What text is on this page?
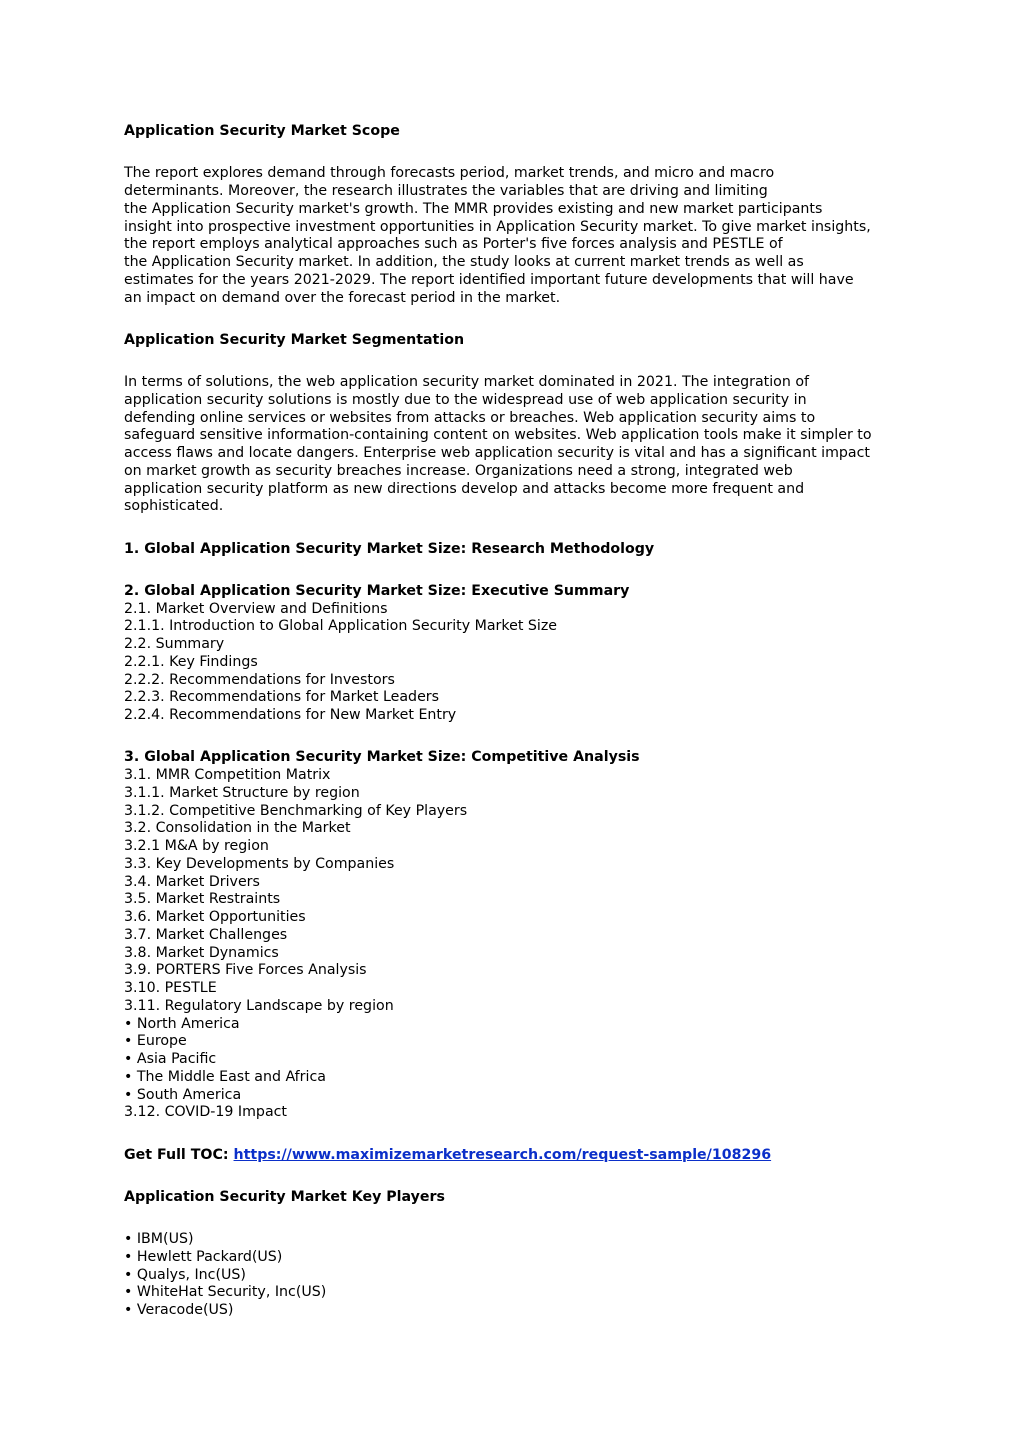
Application Security Market Scope

The report explores demand through forecasts period, market trends, and micro and macro
determinants. Moreover, the research illustrates the variables that are driving and limiting
the Application Security market's growth. The MMR provides existing and new market participants
insight into prospective investment opportunities in Application Security market. To give market insights,
the report employs analytical approaches such as Porter's five forces analysis and PESTLE of
the Application Security market. In addition, the study looks at current market trends as well as
estimates for the years 2021-2029. The report identified important future developments that will have
an impact on demand over the forecast period in the market.

Application Security Market Segmentation

In terms of solutions, the web application security market dominated in 2021. The integration of
application security solutions is mostly due to the widespread use of web application security in
defending online services or websites from attacks or breaches. Web application security aims to
safeguard sensitive information-containing content on websites. Web application tools make it simpler to
access flaws and locate dangers. Enterprise web application security is vital and has a significant impact
on market growth as security breaches increase. Organizations need a strong, integrated web
application security platform as new directions develop and attacks become more frequent and
sophisticated.

1. Global Application Security Market Size: Research Methodology

2. Global Application Security Market Size: Executive Summary

2.1. Market Overview and Definitions

2.1.1. Introduction to Global Application Security Market Size

2.2. Summary

2.2.1. Key Findings

2.2.2. Recommendations for Investors

2.2.3. Recommendations for Market Leaders

2.2.4. Recommendations for New Market Entry

3. Global Application Security Market Size: Competitive Analysis

3.1. MMR Competition Matrix

3.1.1. Market Structure by region

3.1.2. Competitive Benchmarking of Key Players

3.2. Consolidation in the Market

3.2.1 M&A by region

3.3. Key Developments by Companies

3.4. Market Drivers

3.5. Market Restraints

3.6. Market Opportunities

3.7. Market Challenges

3.8. Market Dynamics

3.9. PORTERS Five Forces Analysis

3.10. PESTLE

3.11. Regulatory Landscape by region

• North America

• Europe

• Asia Pacific

• The Middle East and Africa

• South America

3.12. COVID-19 Impact

Get Full TOC: https://www.maximizemarketresearch.com/request-sample/108296

Application Security Market Key Players

• IBM(US)

• Hewlett Packard(US)

• Qualys, Inc(US)

• WhiteHat Security, Inc(US)

• Veracode(US)
